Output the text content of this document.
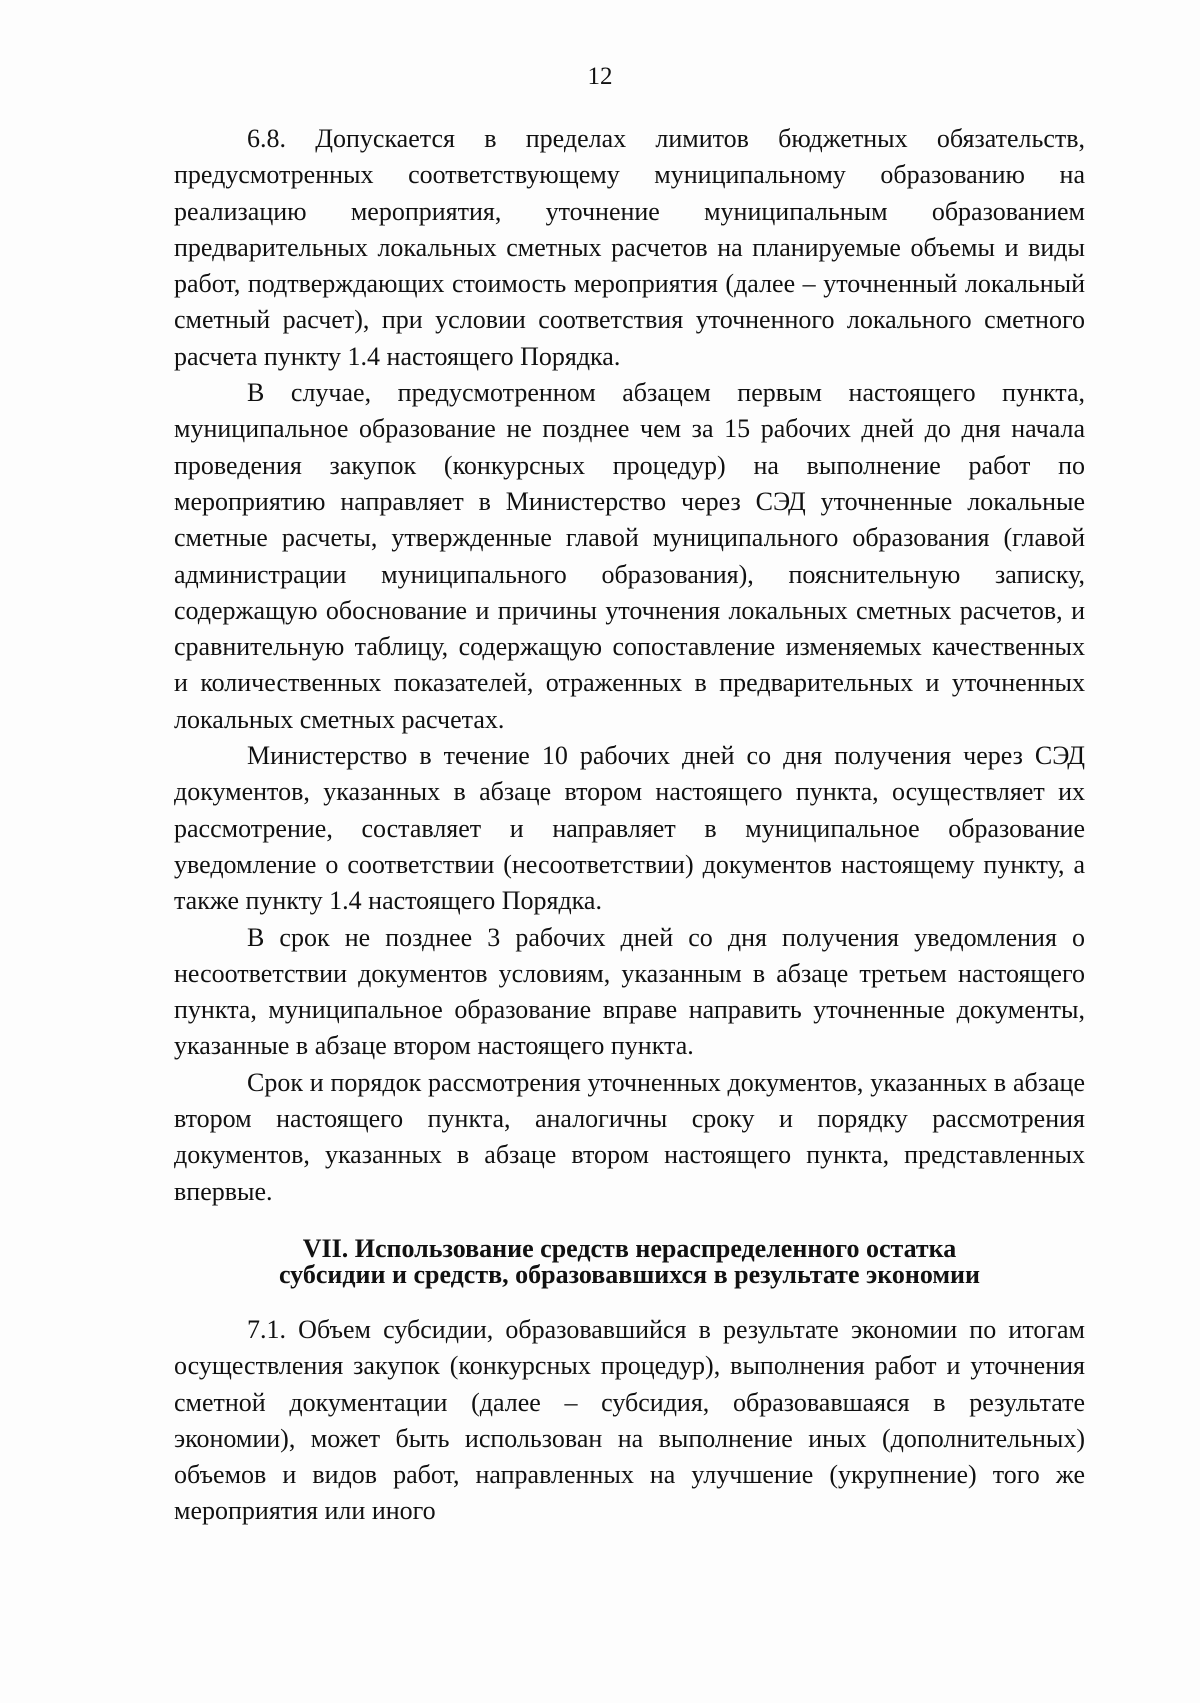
12

6.8. Допускается в пределах лимитов бюджетных обязательств, предусмотренных соответствующему муниципальному образованию на реализацию мероприятия, уточнение муниципальным образованием предварительных локальных сметных расчетов на планируемые объемы и виды работ, подтверждающих стоимость мероприятия (далее – уточненный локальный сметный расчет), при условии соответствия уточненного локального сметного расчета пункту 1.4 настоящего Порядка.

В случае, предусмотренном абзацем первым настоящего пункта, муниципальное образование не позднее чем за 15 рабочих дней до дня начала проведения закупок (конкурсных процедур) на выполнение работ по мероприятию направляет в Министерство через СЭД уточненные локальные сметные расчеты, утвержденные главой муниципального образования (главой администрации муниципального образования), пояснительную записку, содержащую обоснование и причины уточнения локальных сметных расчетов, и сравнительную таблицу, содержащую сопоставление изменяемых качественных и количественных показателей, отраженных в предварительных и уточненных локальных сметных расчетах.

Министерство в течение 10 рабочих дней со дня получения через СЭД документов, указанных в абзаце втором настоящего пункта, осуществляет их рассмотрение, составляет и направляет в муниципальное образование уведомление о соответствии (несоответствии) документов настоящему пункту, а также пункту 1.4 настоящего Порядка.

В срок не позднее 3 рабочих дней со дня получения уведомления о несоответствии документов условиям, указанным в абзаце третьем настоящего пункта, муниципальное образование вправе направить уточненные документы, указанные в абзаце втором настоящего пункта.

Срок и порядок рассмотрения уточненных документов, указанных в абзаце втором настоящего пункта, аналогичны сроку и порядку рассмотрения документов, указанных в абзаце втором настоящего пункта, представленных впервые.

VII. Использование средств нераспределенного остатка
субсидии и средств, образовавшихся в результате экономии

7.1. Объем субсидии, образовавшийся в результате экономии по итогам осуществления закупок (конкурсных процедур), выполнения работ и уточнения сметной документации (далее – субсидия, образовавшаяся в результате экономии), может быть использован на выполнение иных (дополнительных) объемов и видов работ, направленных на улучшение (укрупнение) того же мероприятия или иного
